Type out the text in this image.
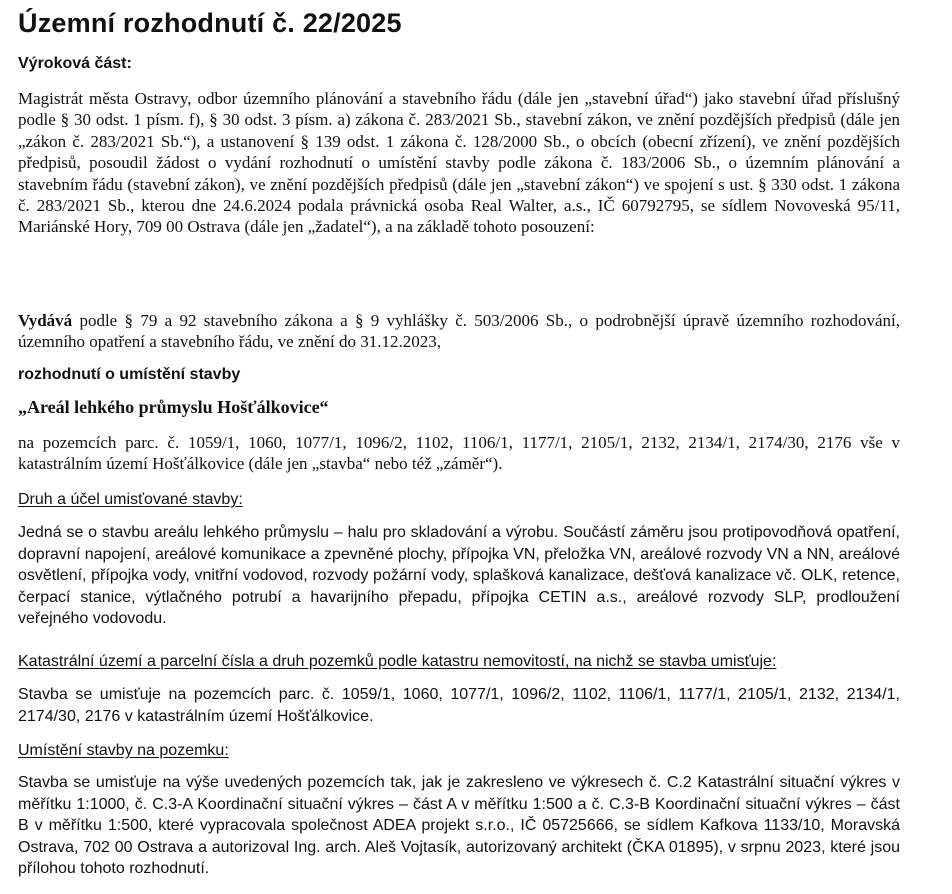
Územní rozhodnutí č. 22/2025
Výroková část:

Magistrát města Ostravy, odbor územního plánování a stavebního řádu (dále jen „stavební úřad“) jako stavební úřad příslušný podle § 30 odst. 1 písm. f), § 30 odst. 3 písm. a) zákona č. 283/2021 Sb., stavební zákon, ve znění pozdějších předpisů (dále jen „zákon č. 283/2021 Sb.“), a ustanovení § 139 odst. 1 zákona č. 128/2000 Sb., o obcích (obecní zřízení), ve znění pozdějších předpisů, posoudil žádost o vydání rozhodnutí o umístění stavby podle zákona č. 183/2006 Sb., o územním plánování a stavebním řádu (stavební zákon), ve znění pozdějších předpisů (dále jen „stavební zákon“) ve spojení s ust. § 330 odst. 1 zákona č. 283/2021 Sb., kterou dne 24.6.2024 podala právnická osoba Real Walter, a.s., IČ 60792795, se sídlem Novoveská 95/11, Mariánské Hory, 709 00 Ostrava (dále jen „žadatel“), a na základě tohoto posouzení:

Vydává podle § 79 a 92 stavebního zákona a § 9 vyhlášky č. 503/2006 Sb., o podrobnější úpravě územního rozhodování, územního opatření a stavebního řádu, ve znění do 31.12.2023,

rozhodnutí o umístění stavby
„Areál lehkého průmyslu Hošťálkovice“

na pozemcích parc. č. 1059/1, 1060, 1077/1, 1096/2, 1102, 1106/1, 1177/1, 2105/1, 2132, 2134/1, 2174/30, 2176 vše v katastrálním území Hošťálkovice (dále jen „stavba“ nebo též „záměr“).

Druh a účel umisťované stavby:

Jedná se o stavbu areálu lehkého průmyslu – halu pro skladování a výrobu. Součástí záměru jsou protipovodňová opatření, dopravní napojení, areálové komunikace a zpevněné plochy, přípojka VN, přeložka VN, areálové rozvody VN a NN, areálové osvětlení, přípojka vody, vnitřní vodovod, rozvody požární vody, splašková kanalizace, dešťová kanalizace vč. OLK, retence, čerpací stanice, výtlačného potrubí a havarijního přepadu, přípojka CETIN a.s., areálové rozvody SLP, prodloužení veřejného vodovodu.

Katastrální území a parcelní čísla a druh pozemků podle katastru nemovitostí, na nichž se stavba umisťuje:

Stavba se umisťuje na pozemcích parc. č. 1059/1, 1060, 1077/1, 1096/2, 1102, 1106/1, 1177/1, 2105/1, 2132, 2134/1, 2174/30, 2176 v katastrálním území Hošťálkovice.

Umístění stavby na pozemku:

Stavba se umisťuje na výše uvedených pozemcích tak, jak je zakresleno ve výkresech č. C.2 Katastrální situační výkres v měřítku 1:1000, č. C.3-A Koordinační situační výkres – část A v měřítku 1:500 a č. C.3-B Koordinační situační výkres – část B v měřítku 1:500, které vypracovala společnost ADEA projekt s.r.o., IČ 05725666, se sídlem Kafkova 1133/10, Moravská Ostrava, 702 00 Ostrava a autorizoval Ing. arch. Aleš Vojtasík, autorizovaný architekt (ČKA 01895), v srpnu 2023, které jsou přílohou tohoto rozhodnutí.
